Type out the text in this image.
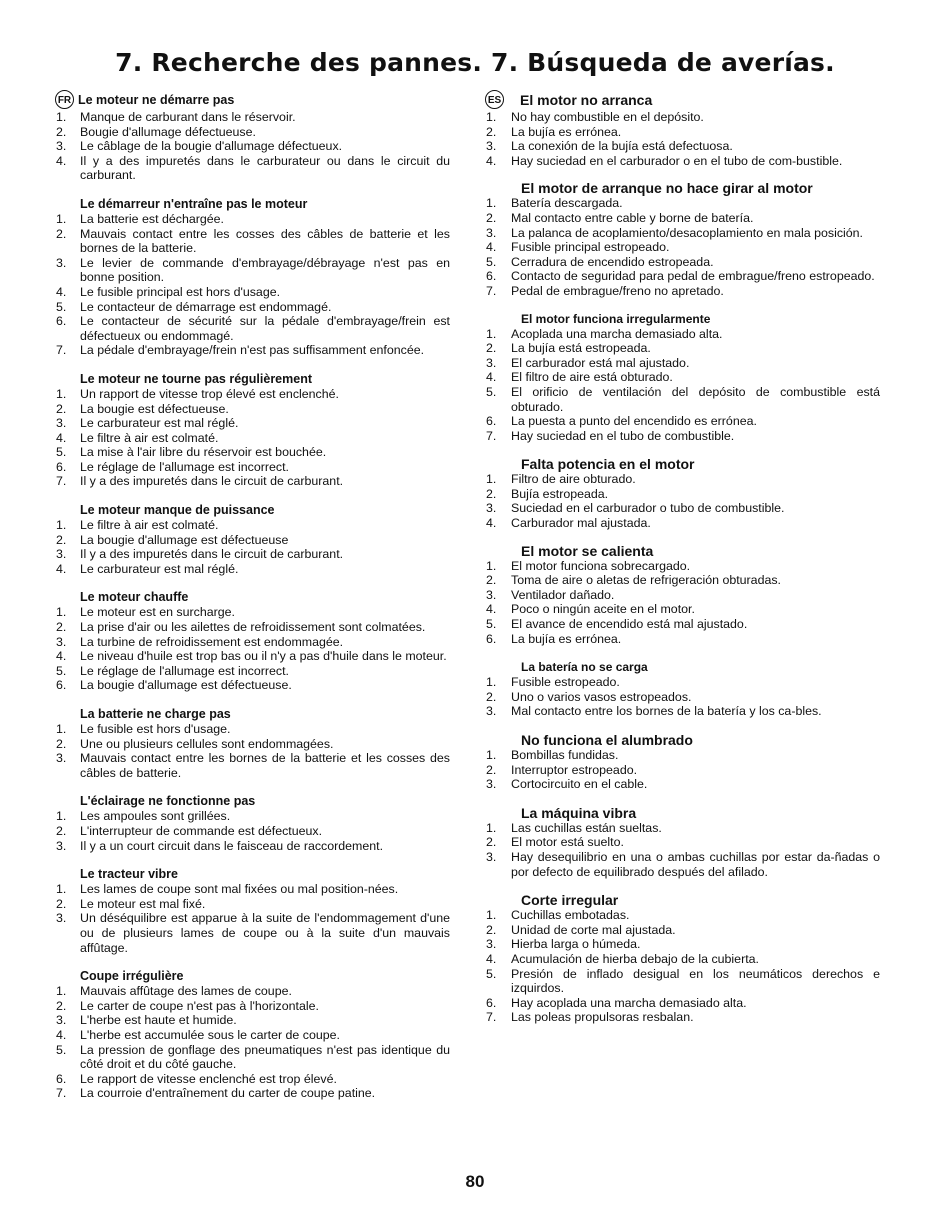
7. Recherche des pannes. 7. Búsqueda de averías.
FR Le moteur ne démarre pas
1.	Manque de carburant dans le réservoir.
2.	Bougie d'allumage défectueuse.
3.	Le câblage de la bougie d'allumage défectueux.
4.	Il y a des impuretés dans le carburateur ou dans le circuit du carburant.
Le démarreur n'entraîne pas le moteur
1.	La batterie est déchargée.
2.	Mauvais contact entre les cosses des câbles de batterie et les bornes de la batterie.
3.	Le levier de commande d'embrayage/débrayage n'est pas en bonne position.
4.	Le fusible principal est hors d'usage.
5.	Le contacteur de démarrage est endommagé.
6.	Le contacteur de sécurité sur la pédale d'embrayage/frein est défectueux ou endommagé.
7.	La pédale d'embrayage/frein n'est pas suffisamment enfoncée.
Le moteur ne tourne pas régulièrement
1.	Un rapport de vitesse trop élevé est enclenché.
2.	La bougie est défectueuse.
3.	Le carburateur est mal réglé.
4.	Le filtre à air est colmaté.
5.	La mise à l'air libre du réservoir est bouchée.
6.	Le réglage de l'allumage est incorrect.
7.	Il y a des impuretés dans le circuit de carburant.
Le moteur manque de puissance
1.	Le filtre à air est colmaté.
2.	La bougie d'allumage est défectueuse
3.	Il y a des impuretés dans le circuit de carburant.
4.	Le carburateur est mal réglé.
Le moteur chauffe
1.	Le moteur est en surcharge.
2.	La prise d'air ou les ailettes de refroidissement sont colmatées.
3.	La turbine de refroidissement est endommagée.
4.	Le niveau d'huile est trop bas ou il n'y a pas d'huile dans le moteur.
5.	Le réglage de l'allumage est incorrect.
6.	La bougie d'allumage est défectueuse.
La batterie ne charge pas
1.	Le fusible est hors d'usage.
2.	Une ou plusieurs cellules sont endommagées.
3.	Mauvais contact entre les bornes de la batterie et les cosses des câbles de batterie.
L'éclairage ne fonctionne pas
1.	Les ampoules sont grillées.
2.	L'interrupteur de commande est défectueux.
3.	Il y a un court circuit dans le faisceau de raccordement.
Le tracteur vibre
1.	Les lames de coupe sont mal fixées ou mal position-nées.
2.	Le moteur est mal fixé.
3.	Un déséquilibre est apparue à la suite de l'endommagement d'une ou de plusieurs lames de coupe ou à la suite d'un mauvais affûtage.
Coupe irrégulière
1.	Mauvais affûtage des lames de coupe.
2.	Le carter de coupe n'est pas à l'horizontale.
3.	L'herbe est haute et humide.
4.	L'herbe est accumulée sous le carter de coupe.
5.	La pression de gonflage des pneumatiques n'est pas identique du côté droit et du côté gauche.
6.	Le rapport de vitesse enclenché est trop élevé.
7.	La courroie d'entraînement du carter de coupe patine.
ES El motor no arranca
1.	No hay combustible en el depósito.
2.	La bujía es errónea.
3.	La conexión de la bujía está defectuosa.
4.	Hay suciedad en el carburador o en el tubo de com-bustible.
El motor de arranque no hace girar al motor
1.	Batería descargada.
2.	Mal contacto entre cable y borne de batería.
3.	La palanca de acoplamiento/desacoplamiento en mala posición.
4.	Fusible principal estropeado.
5.	Cerradura de encendido estropeada.
6.	Contacto de seguridad para pedal de embrague/freno estropeado.
7.	Pedal de embrague/freno no apretado.
El motor funciona irregularmente
1.	Acoplada una marcha demasiado alta.
2.	La bujía está estropeada.
3.	El carburador está mal ajustado.
4.	El filtro de aire está obturado.
5.	El orificio de ventilación del depósito de combustible está obturado.
6.	La puesta a punto del encendido es errónea.
7.	Hay suciedad en el tubo de combustible.
Falta potencia en el motor
1.	Filtro de aire obturado.
2.	Bujía estropeada.
3.	Suciedad en el carburador o tubo de combustible.
4.	Carburador mal ajustada.
El motor se calienta
1.	El motor funciona sobrecargado.
2.	Toma de aire o aletas de refrigeración obturadas.
3.	Ventilador dañado.
4.	Poco o ningún aceite en el motor.
5.	El avance de encendido está mal ajustado.
6.	La bujía es errónea.
La batería no se carga
1.	Fusible estropeado.
2.	Uno o varios vasos estropeados.
3.	Mal contacto entre los bornes de la batería y los ca-bles.
No funciona el alumbrado
1.	Bombillas fundidas.
2.	Interruptor estropeado.
3.	Cortocircuito en el cable.
La máquina vibra
1.	Las cuchillas están sueltas.
2.	El motor está suelto.
3.	Hay desequilibrio en una o ambas cuchillas por estar da-ñadas o por defecto de equilibrado después del afilado.
Corte irregular
1.	Cuchillas embotadas.
2.	Unidad de corte mal ajustada.
3.	Hierba larga o húmeda.
4.	Acumulación de hierba debajo de la cubierta.
5.	Presión de inflado desigual en los neumáticos derechos e izquirdos.
6.	Hay acoplada una marcha demasiado alta.
7.	Las poleas propulsoras resbalan.
80
